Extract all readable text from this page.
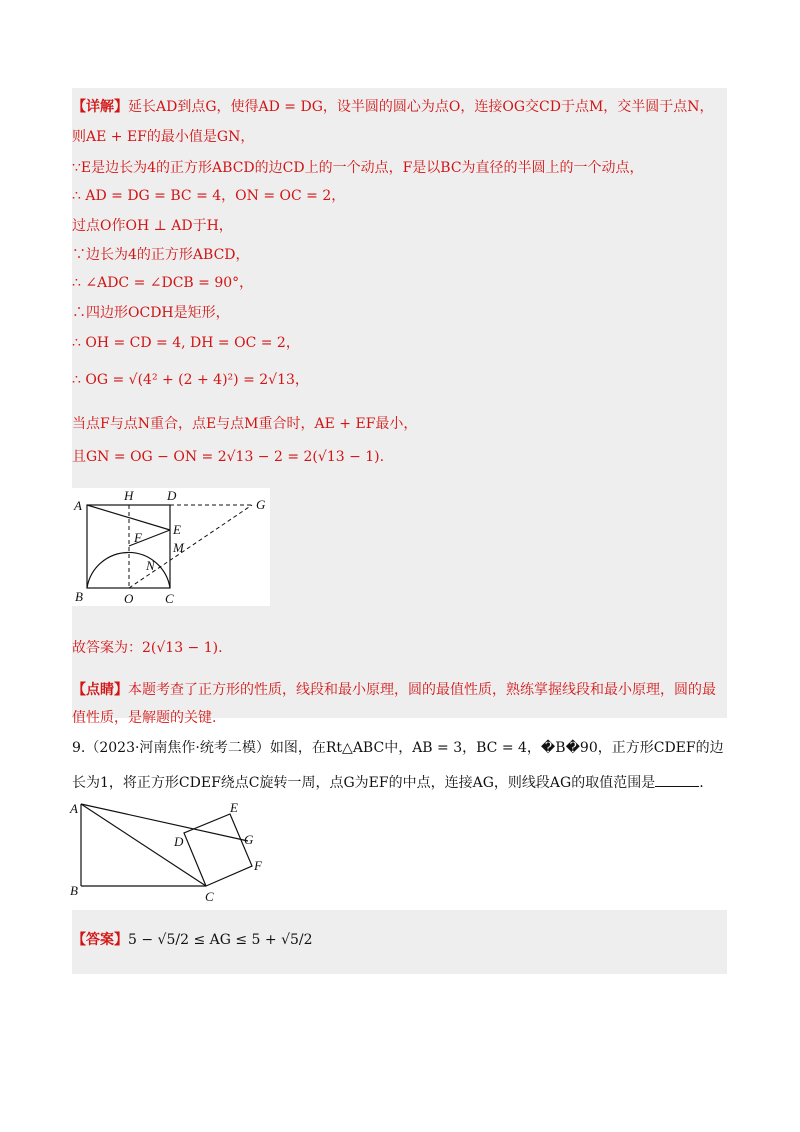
【详解】延长AD到点G，使得AD = DG，设半圆的圆心为点O，连接OG交CD于点M，交半圆于点N，
则AE + EF的最小值是GN，
∵E是边长为4的正方形ABCD的边CD上的一个动点，F是以BC为直径的半圆上的一个动点，
∴ AD = DG = BC = 4，ON = OC = 2，
过点O作OH ⊥ AD于H，
∵边长为4的正方形ABCD，
∴ ∠ADC = ∠DCB = 90°，
∴四边形OCDH是矩形，
∴ OH = CD = 4, DH = OC = 2，
∴ OG = √(4² + (2 + 4)²) = 2√13，
当点F与点N重合，点E与点M重合时，AE + EF最小，
且GN = OG − ON = 2√13 − 2 = 2(√13 − 1).
A
H	D
G
E
F
M
N
B	O C
故答案为：2(√13 − 1).
【点睛】本题考查了正方形的性质，线段和最小原理，圆的最值性质，熟练掌握线段和最小原理，圆的最
值性质，是解题的关键.
9.（2023·河南焦作·统考二模）如图，在Rt△ABC中，AB = 3，BC = 4，�B�90，正方形CDEF的边
长为1，将正方形CDEF绕点C旋转一周，点G为EF的中点，连接AG，则线段AG的取值范围是	.
A
B	C
D
E
G
F
【答案】5 − √5/2 ≤ AG ≤ 5 + √5/2
